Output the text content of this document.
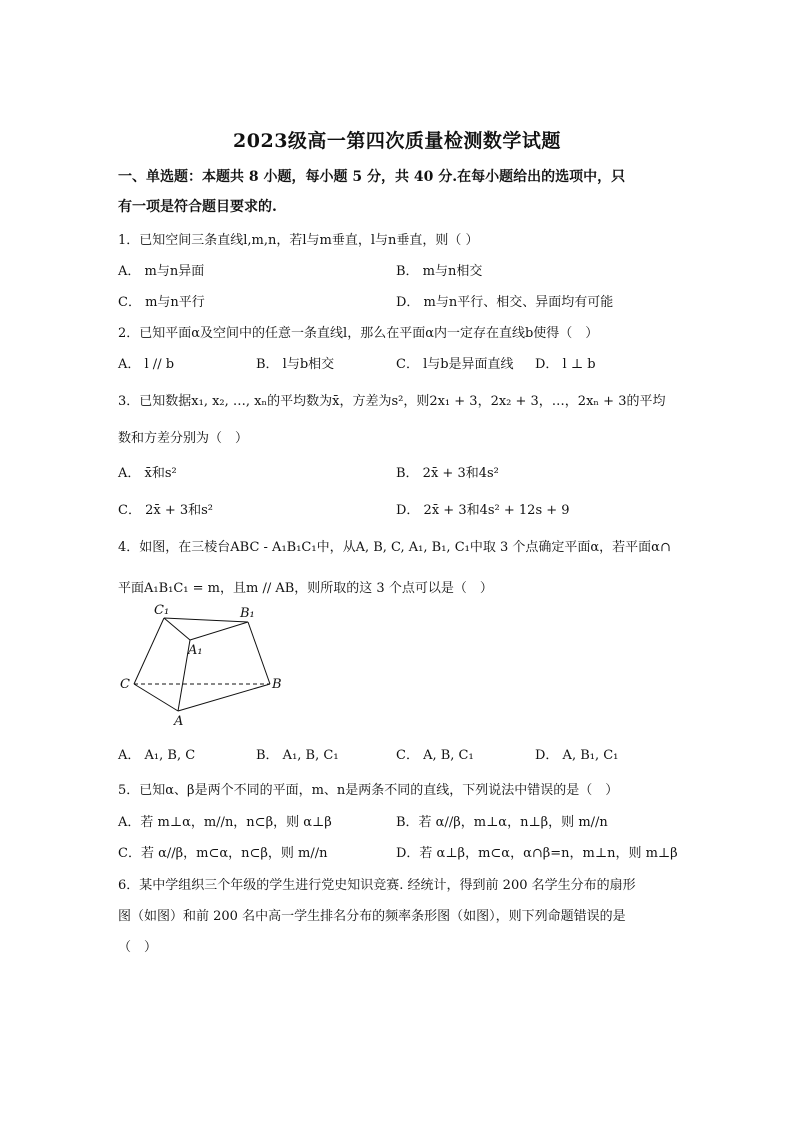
2023级高一第四次质量检测数学试题
一、单选题：本题共 8 小题，每小题 5 分，共 40 分.在每小题给出的选项中，只
有一项是符合题目要求的.
1．已知空间三条直线l,m,n，若l与m垂直，l与n垂直，则（ ）
A． m与n异面	B． m与n相交
C． m与n平行	D． m与n平行、相交、异面均有可能
2．已知平面α及空间中的任意一条直线l，那么在平面α内一定存在直线b使得（　）
A． l // b	B． l与b相交	C． l与b是异面直线 D． l ⊥ b
3．已知数据x₁, x₂, …, xₙ的平均数为x̄，方差为s²，则2x₁ + 3，2x₂ + 3，…，2xₙ + 3的平均
数和方差分别为（　）
A． x̄和s²	B． 2x̄ + 3和4s²
C． 2x̄ + 3和s²	D． 2x̄ + 3和4s² + 12s + 9
4．如图，在三棱台ABC - A₁B₁C₁中，从A, B, C, A₁, B₁, C₁中取 3 个点确定平面α，若平面α∩
平面A₁B₁C₁ = m，且m // AB，则所取的这 3 个点可以是（　）
C₁	B₁
A₁
C	B
A
A． A₁, B, C	B． A₁, B, C₁	C． A, B, C₁	D． A, B₁, C₁
5．已知α、β是两个不同的平面，m、n是两条不同的直线，下列说法中错误的是（　）
A．若 m⊥α，m//n，n⊂β，则 α⊥β	B．若 α//β，m⊥α，n⊥β，则 m//n
C．若 α//β，m⊂α，n⊂β，则 m//n	D．若 α⊥β，m⊂α，α∩β=n，m⊥n，则 m⊥β
6．某中学组织三个年级的学生进行党史知识竞赛. 经统计，得到前 200 名学生分布的扇形
图（如图）和前 200 名中高一学生排名分布的频率条形图（如图），则下列命题错误的是
（　）
